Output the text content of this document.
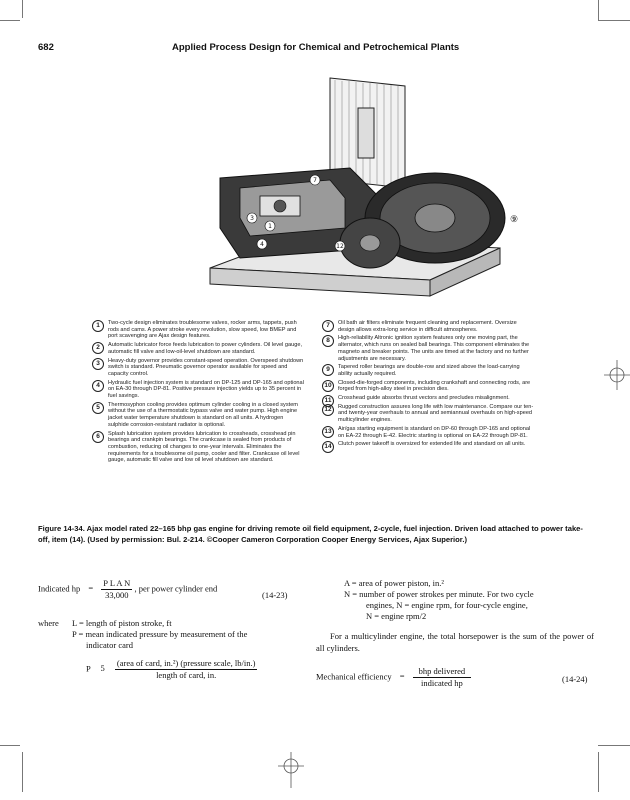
682	Applied Process Design for Chemical and Petrochemical Plants
7
1
3
4	12
⑨
1	Two-cycle design eliminates troublesome valves, rocker arms, tappets, push rods and cams. A power stroke every revolution, slow speed, low BMEP and port scavenging are Ajax design features.
2	Automatic lubricator force feeds lubrication to power cylinders. Oil level gauge, automatic fill valve and low-oil-level shutdown are standard.
3	Heavy-duty governor provides constant-speed operation. Overspeed shutdown switch is standard. Pneumatic governor operator available for speed and capacity control.
4	Hydraulic fuel injection system is standard on DP-125 and DP-165 and optional on EA-30 through DP-81. Positive pressure injection yields up to 35 percent in fuel savings.
5	Thermosyphon cooling provides optimum cylinder cooling in a closed system without the use of a thermostatic bypass valve and water pump. High engine jacket water temperature shutdown is standard on all units. A hydrogen sulphide corrosion-resistant radiator is optional.
6	Splash lubrication system provides lubrication to crossheads, crosshead pin bearings and crankpin bearings. The crankcase is sealed from products of combustion, reducing oil changes to one-year intervals. Eliminates the requirements for a troublesome oil pump, cooler and filter. Crankcase oil level gauge, automatic fill valve and low oil level shutdown are standard.
7	Oil bath air filters eliminate frequent cleaning and replacement. Oversize design allows extra-long service in difficult atmospheres.
8	High-reliability Altronic ignition system features only one moving part, the alternator, which runs on sealed ball bearings. This component eliminates the magneto and breaker points. The units are timed at the factory and no further adjustments are necessary.
9	Tapered roller bearings are double-row and sized above the load-carrying ability actually required.
10	Closed-die-forged components, including crankshaft and connecting rods, are forged from high-alloy steel in precision dies.
11	Crosshead guide absorbs thrust vectors and precludes misalignment.
12	Rugged construction assures long life with low maintenance. Compare our ten- and twenty-year overhauls to annual and semiannual overhauls on high-speed multicylinder engines.
13	Air/gas starting equipment is standard on DP-60 through DP-165 and optional on EA-22 through E-42. Electric starting is optional on EA-22 through DP-81.
14	Clutch power takeoff is oversized for extended life and standard on all units.
Figure 14-34. Ajax model rated 22–165 bhp gas engine for driving remote oil field equipment, 2-cycle, fuel injection. Driven load attached to power take-off, item (14). (Used by permission: Bul. 2-214. ©Cooper Cameron Corporation Cooper Energy Services, Ajax Superior.)
Indicated hp = $\frac{\text{P L A N}}{33,000}$ , per power cylinder end
(14-23)
where L = length of piston stroke, ft
P = mean indicated pressure by measurement of the
indicator card
P $5 \frac{\text{(area of card, in.²) (pressure scale, lb/in.)}}{\text{length of card, in.}}$
A = area of power piston, in.²
N = number of power strokes per minute. For two cycle
engines, N = engine rpm, for four-cycle engine,
N = engine rpm/2
For a multicylinder engine, the total horsepower is the sum of the power of all cylinders.
Mechanical efficiency = $\frac{\text{bhp delivered}}{\text{indicated hp}}$	(14-24)
